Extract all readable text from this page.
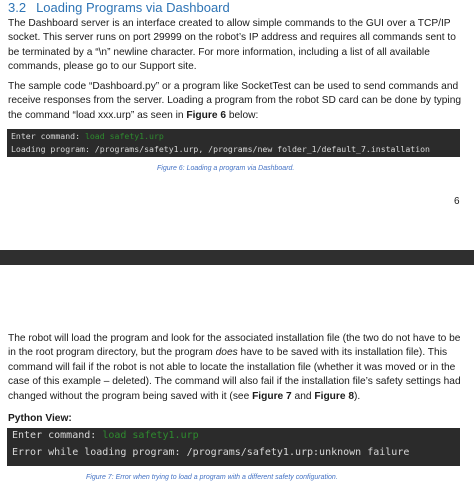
3.2 Loading Programs via Dashboard
The Dashboard server is an interface created to allow simple commands to the GUI over a TCP/IP socket. This server runs on port 29999 on the robot’s IP address and requires all commands sent to be terminated by a “\n” newline character. For more information, including a list of all available commands, please go to our Support site.
The sample code “Dashboard.py” or a program like SocketTest can be used to send commands and receive responses from the server. Loading a program from the robot SD card can be done by typing the command “load xxx.urp” as seen in Figure 6 below:
Enter command: load safety1.urp
Loading program: /programs/safety1.urp, /programs/new folder_1/default_7.installation
Figure 6: Loading a program via Dashboard.
6
The robot will load the program and look for the associated installation file (the two do not have to be in the root program directory, but the program does have to be saved with its installation file). This command will fail if the robot is not able to locate the installation file (whether it was moved or in the case of this example – deleted). The command will also fail if the installation file’s safety settings had changed without the program being saved with it (see Figure 7 and Figure 8).
Python View:
Enter command: load safety1.urp
Error while loading program: /programs/safety1.urp:unknown failure
Figure 7: Error when trying to load a program with a different safety configuration.
